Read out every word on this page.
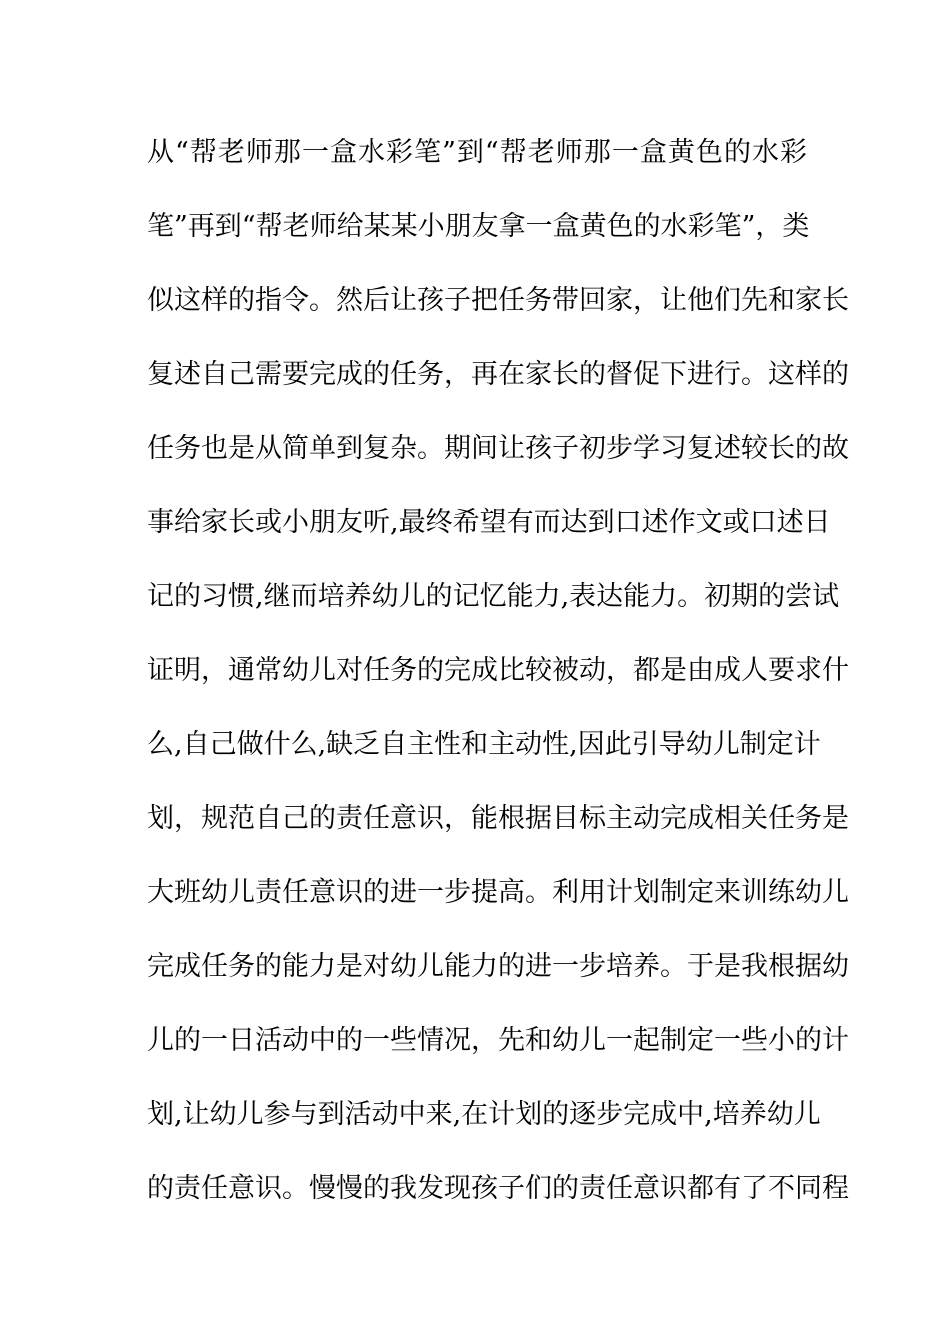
从“帮老师那一盒水彩笔”到“帮老师那一盒黄色的水彩
笔”再到“帮老师给某某小朋友拿一盒黄色的水彩笔”，类
似这样的指令。然后让孩子把任务带回家，让他们先和家长
复述自己需要完成的任务，再在家长的督促下进行。这样的
任务也是从简单到复杂。期间让孩子初步学习复述较长的故
事给家长或小朋友听,最终希望有而达到口述作文或口述日
记的习惯,继而培养幼儿的记忆能力,表达能力。初期的尝试
证明，通常幼儿对任务的完成比较被动，都是由成人要求什
么,自己做什么,缺乏自主性和主动性,因此引导幼儿制定计
划，规范自己的责任意识，能根据目标主动完成相关任务是
大班幼儿责任意识的进一步提高。利用计划制定来训练幼儿
完成任务的能力是对幼儿能力的进一步培养。于是我根据幼
儿的一日活动中的一些情况，先和幼儿一起制定一些小的计
划,让幼儿参与到活动中来,在计划的逐步完成中,培养幼儿
的责任意识。慢慢的我发现孩子们的责任意识都有了不同程
